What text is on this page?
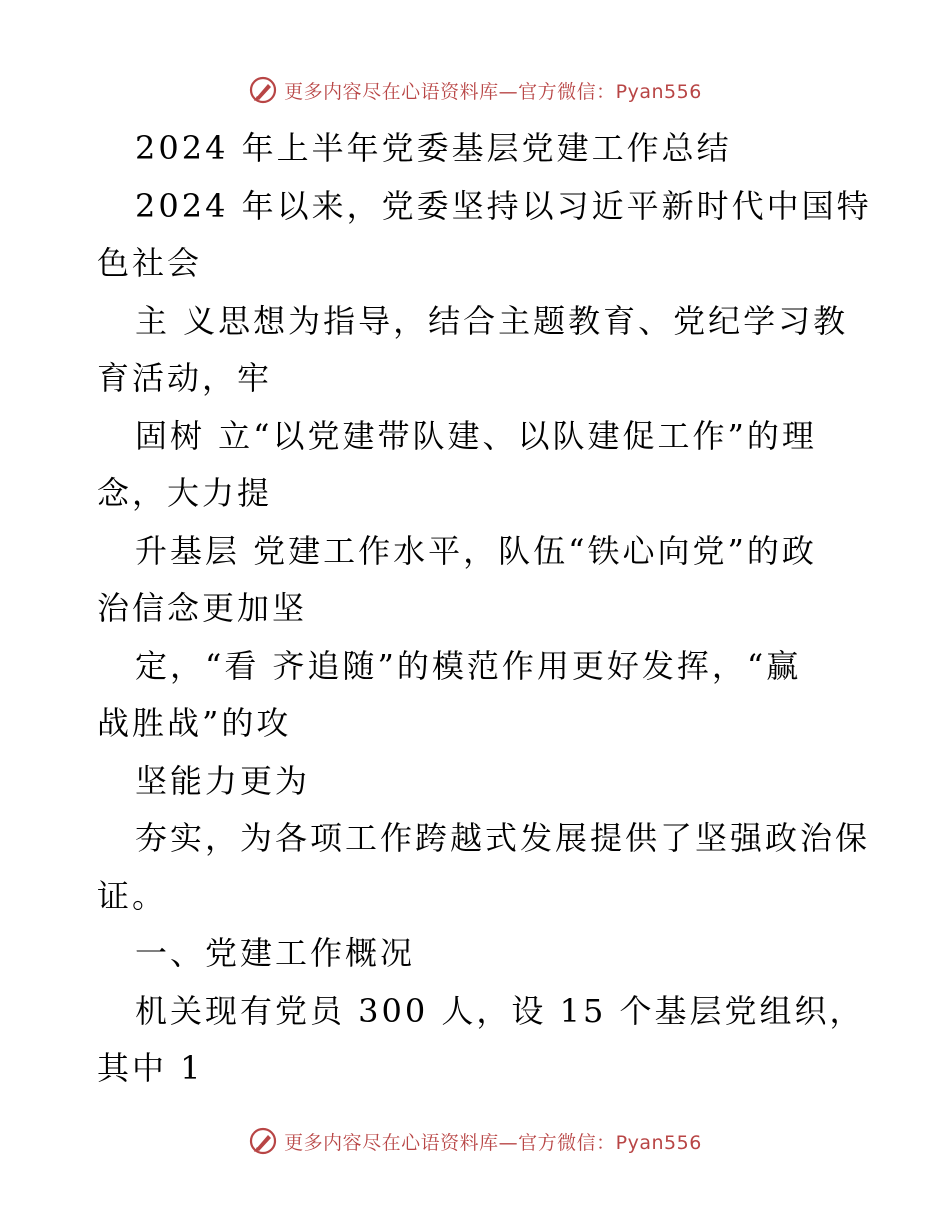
更多内容尽在心语资料库—官方微信：Pyan556
2024 年上半年党委基层党建工作总结
2024 年以来，党委坚持以习近平新时代中国特
色社会
主 义思想为指导，结合主题教育、党纪学习教
育活动，牢
固树 立“以党建带队建、以队建促工作”的理
念，大力提
升基层 党建工作水平，队伍“铁心向党”的政
治信念更加坚
定，“看 齐追随”的模范作用更好发挥，“赢
战胜战”的攻
坚能力更为
夯实，为各项工作跨越式发展提供了坚强政治保
证。
一、党建工作概况
机关现有党员 300 人，设 15 个基层党组织，
其中 1
更多内容尽在心语资料库—官方微信：Pyan556
